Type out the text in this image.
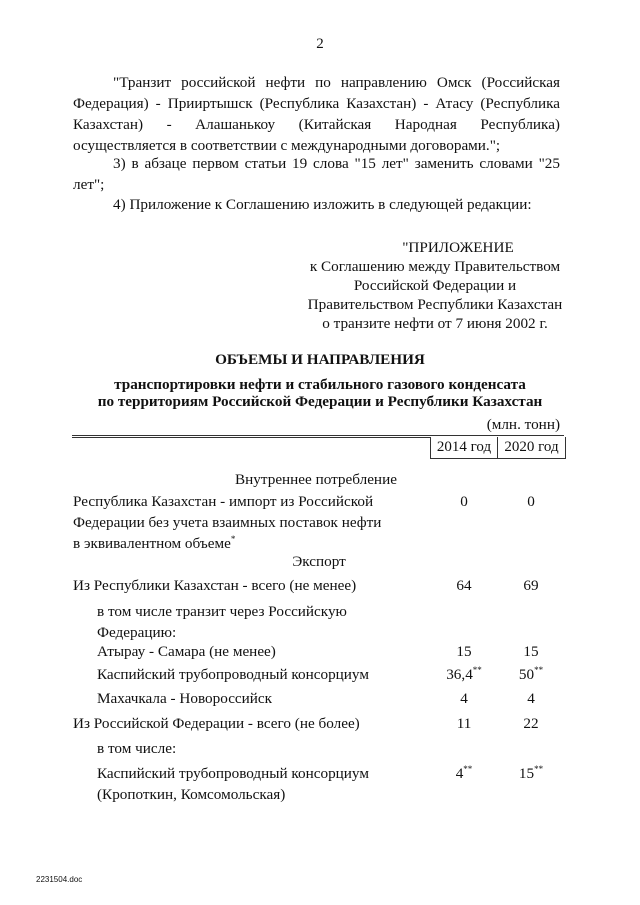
2

"Транзит российской нефти по направлению Омск (Российская Федерация) - Прииртышск (Республика Казахстан) - Атасу (Республика Казахстан) - Алашанькоу (Китайская Народная Республика) осуществляется в соответствии с международными договорами.";

3) в абзаце первом статьи 19 слова "15 лет" заменить словами "25 лет";

4) Приложение к Соглашению изложить в следующей редакции:

"ПРИЛОЖЕНИЕ
к Соглашению между Правительством
Российской Федерации и
Правительством Республики Казахстан
о транзите нефти от 7 июня 2002 г.
ОБЪЕМЫ И НАПРАВЛЕНИЯ
транспортировки нефти и стабильного газового конденсата
по территориям Российской Федерации и Республики Казахстан
(млн. тонн)
2014 год 2020 год
Внутреннее потребление
Республика Казахстан - импорт из Российской
Федерации без учета взаимных поставок нефти
в эквивалентном объеме*
0	0
Экспорт
Из Республики Казахстан - всего (не менее)	64	69
в том числе транзит через Российскую
Федерацию:
Атырау - Самара (не менее)	15	15
Каспийский трубопроводный консорциум	36,4**	50**
Махачкала - Новороссийск	4	4
Из Российской Федерации - всего (не более)	11	22
в том числе:
Каспийский трубопроводный консорциум
(Кропоткин, Комсомольская)
4**	15**
2231504.doc
